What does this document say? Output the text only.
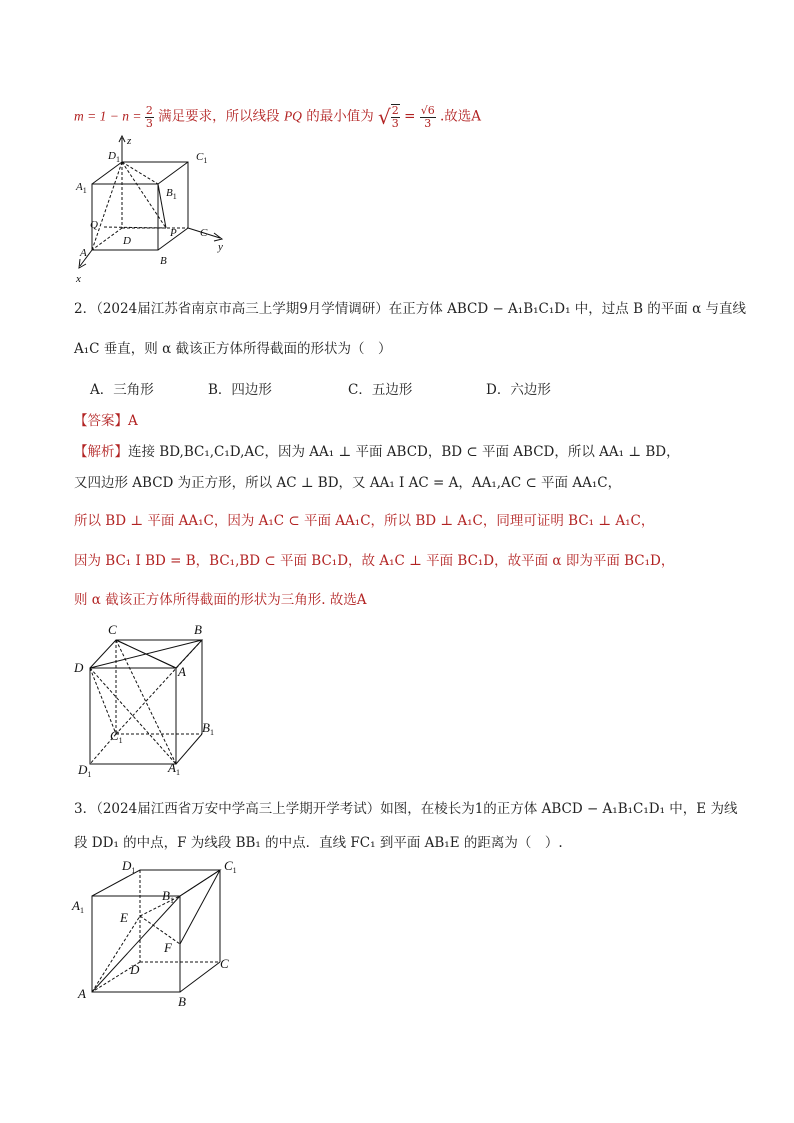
$m = 1 - n = \frac{2}{3}$ 满足要求，所以线段 PQ 的最小值为 √ $\frac{2}{3} = \frac{√6}{3}$ .故选A
z
$D_1$	$C_1$
$A_1$	$B_1$
Q
D
P C
y
A
B
x
2．（2024届江苏省南京市高三上学期9月学情调研）在正方体 ABCD − A₁B₁C₁D₁ 中，过点 B 的平面 α 与直线
A₁C 垂直，则 α 截该正方体所得截面的形状为（　）
A．三角形	B．四边形	C．五边形	D．六边形
【答案】A
【解析】连接 BD,BC₁,C₁D,AC，因为 AA₁ ⊥ 平面 ABCD，BD ⊂ 平面 ABCD，所以 AA₁ ⊥ BD，
又四边形 ABCD 为正方形，所以 AC ⊥ BD，又 AA₁ I AC = A，AA₁,AC ⊂ 平面 AA₁C，
所以 BD ⊥ 平面 AA₁C，因为 A₁C ⊂ 平面 AA₁C，所以 BD ⊥ A₁C，同理可证明 BC₁ ⊥ A₁C，
因为 BC₁ I BD = B，BC₁,BD ⊂ 平面 BC₁D，故 A₁C ⊥ 平面 BC₁D，故平面 α 即为平面 BC₁D，
则 α 截该正方体所得截面的形状为三角形. 故选A
C	B
D	A
$B_1$
$C_1$
$D_1$	$A_1$
3．（2024届江西省万安中学高三上学期开学考试）如图，在棱长为1的正方体 ABCD − A₁B₁C₁D₁ 中，E 为线
段 DD₁ 的中点，F 为线段 BB₁ 的中点．直线 FC₁ 到平面 AB₁E 的距离为（　）.
$D_1$	$C_1$
$A_1$
$B_1$
E
F
D	C
A
B
